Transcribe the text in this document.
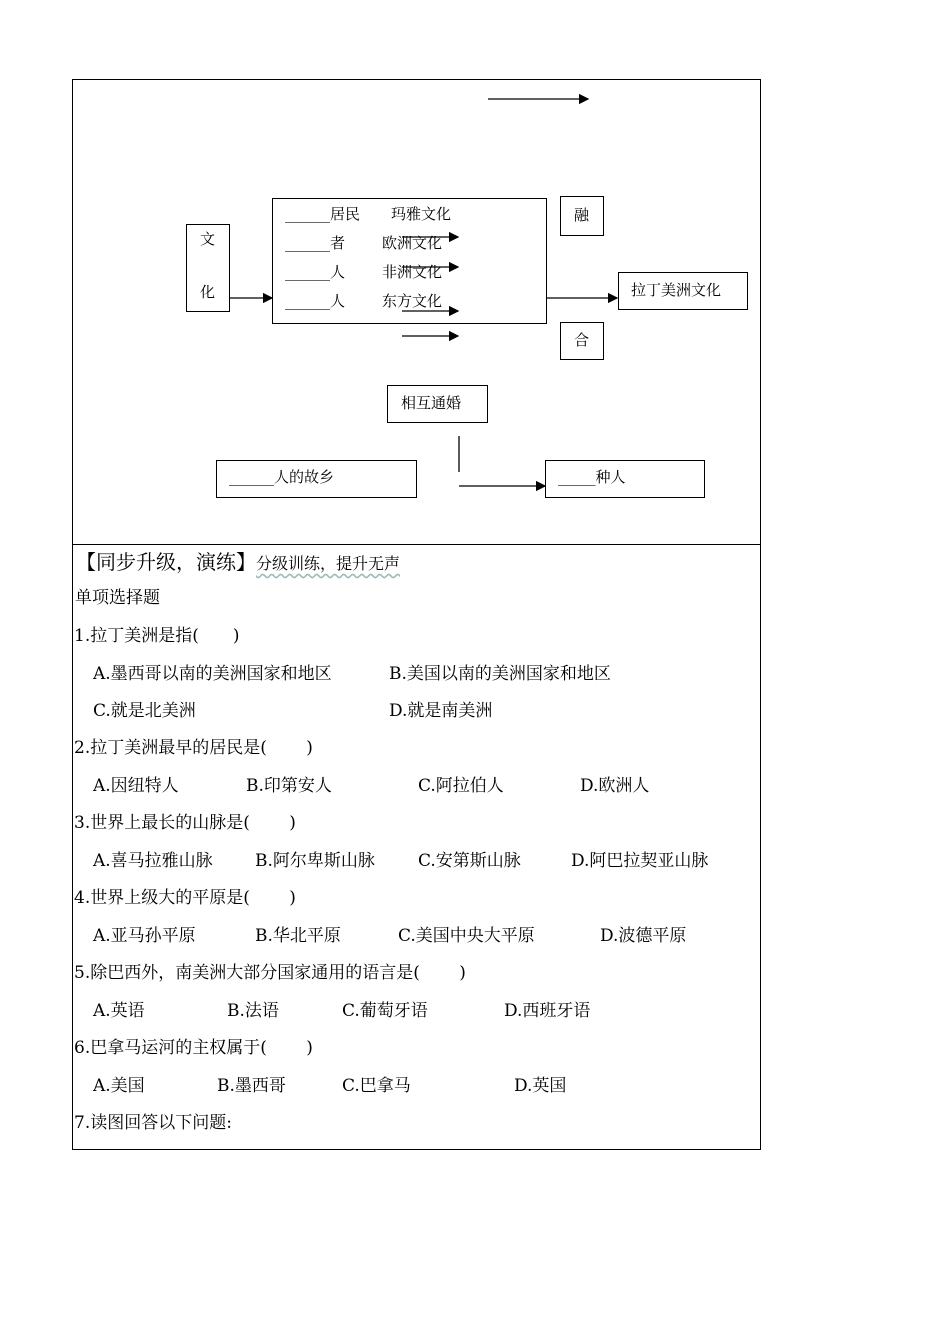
文
化
______居民 玛雅文化
______者 欧洲文化
______人 非洲文化
______人 东方文化
融
合
拉丁美洲文化
相互通婚
______人的故乡	_____种人
【同步升级，演练】分级训练，提升无声
单项选择题
1.拉丁美洲是指(　　)
A.墨西哥以南的美洲国家和地区	B.美国以南的美洲国家和地区
C.就是北美洲	D.就是南美洲
2.拉丁美洲最早的居民是(　　 )
A.因纽特人	B.印第安人	C.阿拉伯人	D.欧洲人
3.世界上最长的山脉是(　　 )
A.喜马拉雅山脉 B.阿尔卑斯山脉	C.安第斯山脉	D.阿巴拉契亚山脉
4.世界上级大的平原是(　　 )
A.亚马孙平原	B.华北平原	C.美国中央大平原	D.波德平原
5.除巴西外，南美洲大部分国家通用的语言是(　　 )
A.英语	B.法语	C.葡萄牙语	D.西班牙语
6.巴拿马运河的主权属于(　　 )
A.美国	B.墨西哥	C.巴拿马	D.英国
7.读图回答以下问题:
